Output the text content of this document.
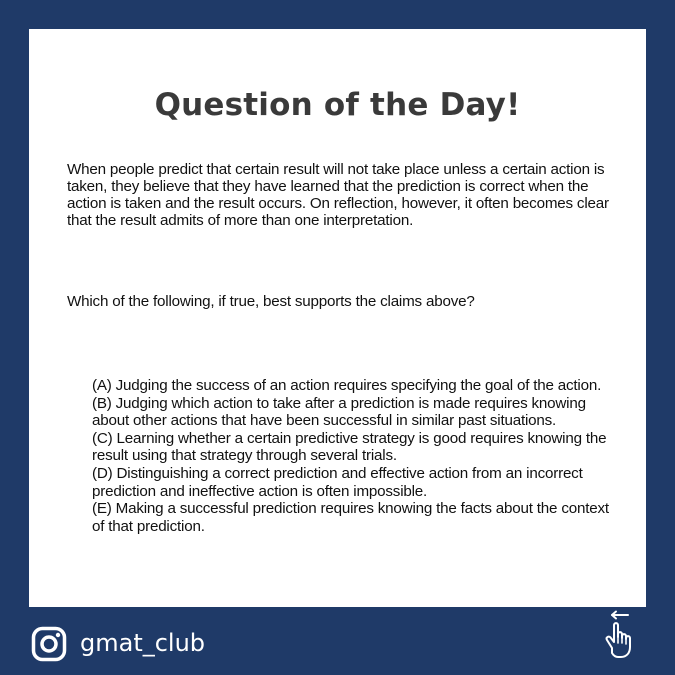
Question of the Day!

When people predict that certain result will not take place unless a certain action is taken, they believe that they have learned that the prediction is correct when the action is taken and the result occurs. On reflection, however, it often becomes clear that the result admits of more than one interpretation.

Which of the following, if true, best supports the claims above?

(A) Judging the success of an action requires specifying the goal of the action.
(B) Judging which action to take after a prediction is made requires knowing about other actions that have been successful in similar past situations.
(C) Learning whether a certain predictive strategy is good requires knowing the result using that strategy through several trials.
(D) Distinguishing a correct prediction and effective action from an incorrect prediction and ineffective action is often impossible.
(E) Making a successful prediction requires knowing the facts about the context of that prediction.
gmat_club
